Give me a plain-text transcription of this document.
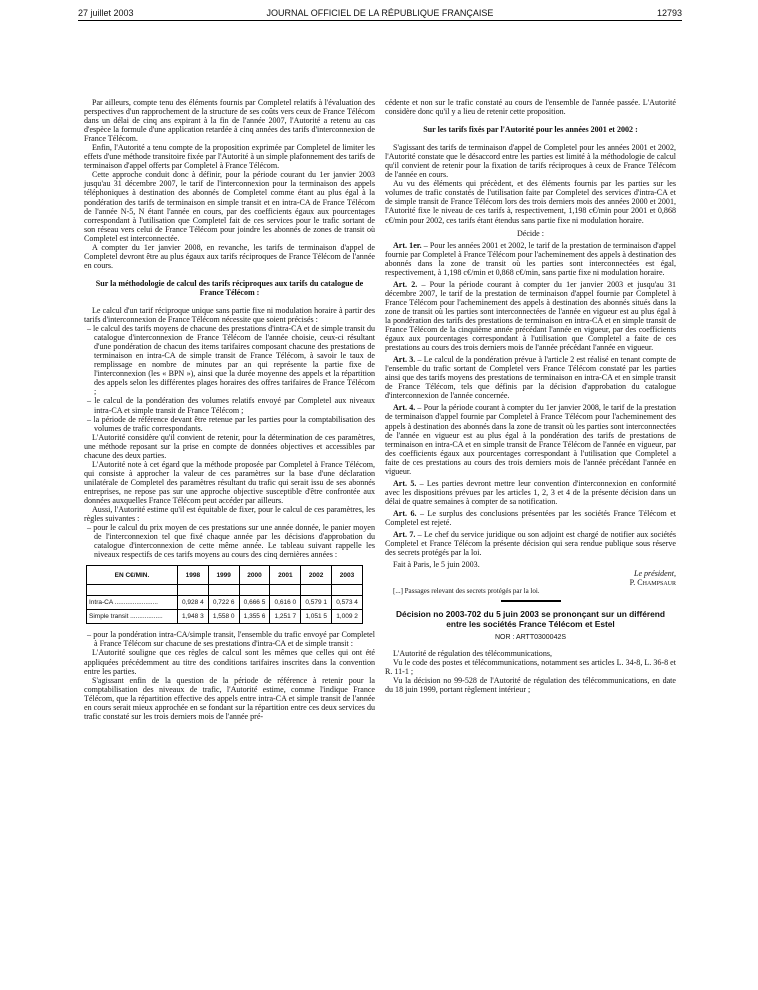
27 juillet 2003	JOURNAL OFFICIEL DE LA RÉPUBLIQUE FRANÇAISE	12793

Par ailleurs, compte tenu des éléments fournis par Completel relatifs à l'évaluation des perspectives d'un rapprochement de la structure de ses coûts vers ceux de France Télécom dans un délai de cinq ans expirant à la fin de l'année 2007, l'Autorité a retenu au cas d'espèce la formule d'une application retardée à cinq années des tarifs d'interconnexion de France Télécom.

Enfin, l'Autorité a tenu compte de la proposition exprimée par Completel de limiter les effets d'une méthode transitoire fixée par l'Autorité à un simple plafonnement des tarifs de terminaison d'appel offerts par Completel à France Télécom.

Cette approche conduit donc à définir, pour la période courant du 1er janvier 2003 jusqu'au 31 décembre 2007, le tarif de l'interconnexion pour la terminaison des appels téléphoniques à destination des abonnés de Completel comme étant au plus égal à la pondération des tarifs de terminaison en simple transit et en intra-CA de France Télécom de l'année N-5, N étant l'année en cours, par des coefficients égaux aux pourcentages correspondant à l'utilisation que Completel fait de ces services pour le trafic sortant de son réseau vers celui de France Télécom pour joindre les abonnés de zones de transit où Completel est interconnectée.

A compter du 1er janvier 2008, en revanche, les tarifs de terminaison d'appel de Completel devront être au plus égaux aux tarifs réciproques de France Télécom de l'année en cours.

Sur la méthodologie de calcul des tarifs réciproques aux tarifs du catalogue de France Télécom :

Le calcul d'un tarif réciproque unique sans partie fixe ni modulation horaire à partir des tarifs d'interconnexion de France Télécom nécessite que soient précisés :

– le calcul des tarifs moyens de chacune des prestations d'intra-CA et de simple transit du catalogue d'interconnexion de France Télécom de l'année choisie, ceux-ci résultant d'une pondération de chacun des items tarifaires composant chacune des prestations de terminaison en intra-CA de simple transit de France Télécom, à savoir le taux de remplissage en nombre de minutes par an qui représente la partie fixe de l'interconnexion (les « BPN »), ainsi que la durée moyenne des appels et la répartition des appels selon les différentes plages horaires des offres tarifaires de France Télécom ;

– le calcul de la pondération des volumes relatifs envoyé par Completel aux niveaux intra-CA et simple transit de France Télécom ;

– la période de référence devant être retenue par les parties pour la comptabilisation des volumes de trafic correspondants.

L'Autorité considère qu'il convient de retenir, pour la détermination de ces paramètres, une méthode reposant sur la prise en compte de données objectives et accessibles par chacune des deux parties.

L'Autorité note à cet égard que la méthode proposée par Completel à France Télécom, qui consiste à approcher la valeur de ces paramètres sur la base d'une déclaration unilatérale de Completel des paramètres résultant du trafic qui serait issu de ses abonnés entreprises, ne repose pas sur une approche objective susceptible d'être confrontée aux données auxquelles France Télécom peut accéder par ailleurs.

Aussi, l'Autorité estime qu'il est équitable de fixer, pour le calcul de ces paramètres, les règles suivantes :

– pour le calcul du prix moyen de ces prestations sur une année donnée, le panier moyen de l'interconnexion tel que fixé chaque année par les décisions d'approbation du catalogue d'interconnexion de cette même année. Le tableau suivant rappelle les niveaux respectifs de ces tarifs moyens au cours des cinq dernières années :

EN C€/MIN.	1998	1999	2000	2001	2002	2003

Intra-CA ........................	0,928 4	0,722 6	0,666 5	0,616 0	0,579 1	0,573 4
Simple transit ..................	1,948 3	1,558 0	1,355 6	1,251 7	1,051 5	1,009 2

– pour la pondération intra-CA/simple transit, l'ensemble du trafic envoyé par Completel à France Télécom sur chacune de ses prestations d'intra-CA et de simple transit :

L'Autorité souligne que ces règles de calcul sont les mêmes que celles qui ont été appliquées précédemment au titre des conditions tarifaires inscrites dans la convention entre les parties.

S'agissant enfin de la question de la période de référence à retenir pour la comptabilisation des niveaux de trafic, l'Autorité estime, comme l'indique France Télécom, que la répartition effective des appels entre intra-CA et simple transit de l'année en cours serait mieux approchée en se fondant sur la répartition entre ces deux services du trafic constaté sur les trois derniers mois de l'année pré-

cédente et non sur le trafic constaté au cours de l'ensemble de l'année passée. L'Autorité considère donc qu'il y a lieu de retenir cette proposition.

Sur les tarifs fixés par l'Autorité pour les années 2001 et 2002 :

S'agissant des tarifs de terminaison d'appel de Completel pour les années 2001 et 2002, l'Autorité constate que le désaccord entre les parties est limité à la méthodologie de calcul qu'il convient de retenir pour la fixation de tarifs réciproques à ceux de France Télécom de l'année en cours.

Au vu des éléments qui précèdent, et des éléments fournis par les parties sur les volumes de trafic constatés de l'utilisation faite par Completel des services d'intra-CA et de simple transit de France Télécom lors des trois derniers mois des années 2000 et 2001, l'Autorité fixe le niveau de ces tarifs à, respectivement, 1,198 c€/min pour 2001 et 0,868 c€/min pour 2002, ces tarifs étant étendus sans partie fixe ni modulation horaire.

Décide :

Art. 1er. – Pour les années 2001 et 2002, le tarif de la prestation de terminaison d'appel fournie par Completel à France Télécom pour l'acheminement des appels à destination des abonnés dans la zone de transit où les parties sont interconnectées est égal, respectivement, à 1,198 c€/min et 0,868 c€/min, sans partie fixe ni modulation horaire.

Art. 2. – Pour la période courant à compter du 1er janvier 2003 et jusqu'au 31 décembre 2007, le tarif de la prestation de terminaison d'appel fournie par Completel à France Télécom pour l'acheminement des appels à destination des abonnés situés dans la zone de transit où les parties sont interconnectées de l'année en vigueur est au plus égal à la pondération des tarifs des prestations de terminaison en intra-CA et en simple transit de France Télécom de la cinquième année précédant l'année en vigueur, par des coefficients égaux aux pourcentages correspondant à l'utilisation que Completel a faite de ces prestations au cours des trois derniers mois de l'année précédant l'année en vigueur.

Art. 3. – Le calcul de la pondération prévue à l'article 2 est réalisé en tenant compte de l'ensemble du trafic sortant de Completel vers France Télécom constaté par les parties ainsi que des tarifs moyens des prestations de terminaison en intra-CA et en simple transit de France Télécom, tels que définis par la décision d'approbation du catalogue d'interconnexion de l'année concernée.

Art. 4. – Pour la période courant à compter du 1er janvier 2008, le tarif de la prestation de terminaison d'appel fournie par Completel à France Télécom pour l'acheminement des appels à destination des abonnés dans la zone de transit où les parties sont interconnectées de l'année en vigueur est au plus égal à la pondération des tarifs de prestations de terminaison en intra-CA et en simple transit de France Télécom de l'année en vigueur, par des coefficients égaux aux pourcentages correspondant à l'utilisation que Completel a faite de ces prestations au cours des trois derniers mois de l'année précédant l'année en vigueur.

Art. 5. – Les parties devront mettre leur convention d'interconnexion en conformité avec les dispositions prévues par les articles 1, 2, 3 et 4 de la présente décision dans un délai de quatre semaines à compter de sa notification.

Art. 6. – Le surplus des conclusions présentées par les sociétés France Télécom et Completel est rejeté.

Art. 7. – Le chef du service juridique ou son adjoint est chargé de notifier aux sociétés Completel et France Télécom la présente décision qui sera rendue publique sous réserve des secrets protégés par la loi.

Fait à Paris, le 5 juin 2003.

Le président,

P. Champsaur

[...] Passages relevant des secrets protégés par la loi.

Décision no 2003-702 du 5 juin 2003 se prononçant sur un différend entre les sociétés France Télécom et Estel
NOR : ARTT0300042S

L'Autorité de régulation des télécommunications,

Vu le code des postes et télécommunications, notamment ses articles L. 34-8, L. 36-8 et R. 11-1 ;

Vu la décision no 99-528 de l'Autorité de régulation des télécommunications, en date du 18 juin 1999, portant règlement intérieur ;
